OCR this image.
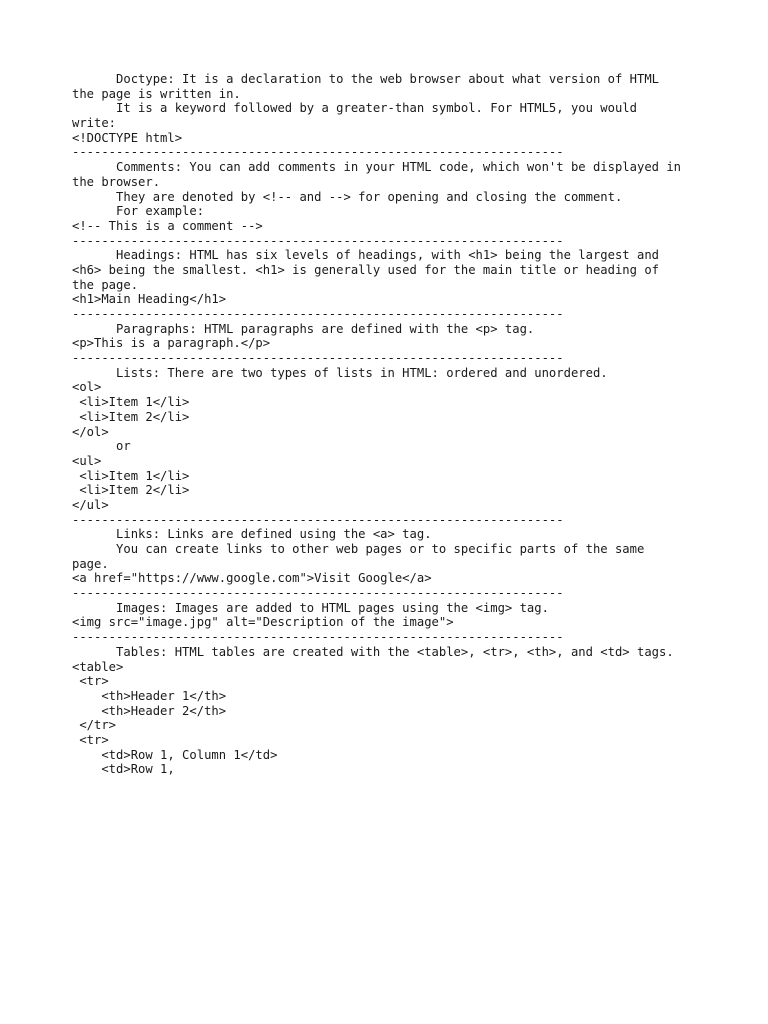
Doctype: It is a declaration to the web browser about what version of HTML
the page is written in.
It is a keyword followed by a greater-than symbol. For HTML5, you would
write:
<!DOCTYPE html>
-------------------------------------------------------------------
Comments: You can add comments in your HTML code, which won't be displayed in
the browser.
They are denoted by <!-- and --> for opening and closing the comment.
For example:
<!-- This is a comment -->
-------------------------------------------------------------------
Headings: HTML has six levels of headings, with <h1> being the largest and
<h6> being the smallest. <h1> is generally used for the main title or heading of
the page.
<h1>Main Heading</h1>
-------------------------------------------------------------------
Paragraphs: HTML paragraphs are defined with the <p> tag.
<p>This is a paragraph.</p>
-------------------------------------------------------------------
Lists: There are two types of lists in HTML: ordered and unordered.
<ol>
<li>Item 1</li>
<li>Item 2</li>
</ol>
or
<ul>
<li>Item 1</li>
<li>Item 2</li>
</ul>
-------------------------------------------------------------------
Links: Links are defined using the <a> tag.
You can create links to other web pages or to specific parts of the same
page.
<a href="https://www.google.com">Visit Google</a>
-------------------------------------------------------------------
Images: Images are added to HTML pages using the <img> tag.
<img src="image.jpg" alt="Description of the image">
-------------------------------------------------------------------
Tables: HTML tables are created with the <table>, <tr>, <th>, and <td> tags.
<table>
<tr>
<th>Header 1</th>
<th>Header 2</th>
</tr>
<tr>
<td>Row 1, Column 1</td>
<td>Row 1,
